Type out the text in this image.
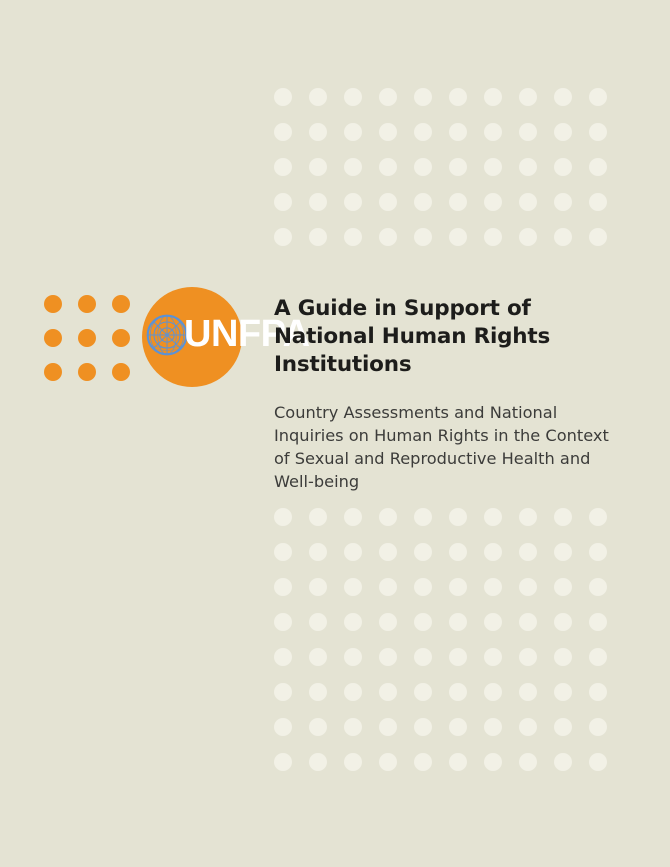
UNFPA
A Guide in Support of National Human Rights Institutions

Country Assessments and National Inquiries on Human Rights in the Context of Sexual and Reproductive Health and Well-being
